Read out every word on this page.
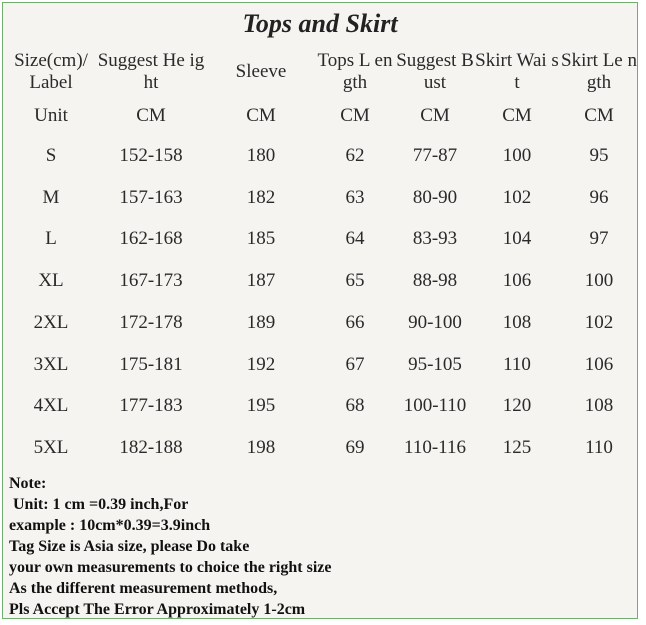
Tops and Skirt
Size(cm)/ Label	Suggest He ight	Sleeve	Tops L ength	Suggest Bust	Skirt Wai st	Skirt Le ngth
Unit	CM	CM	CM	CM	CM	CM
S	152-158	180	62	77-87	100	95
M	157-163	182	63	80-90	102	96
L	162-168	185	64	83-93	104	97
XL	167-173	187	65	88-98	106	100
2XL	172-178	189	66	90-100	108	102
3XL	175-181	192	67	95-105	110	106
4XL	177-183	195	68	100-110	120	108
5XL	182-188	198	69	110-116	125	110
Note:
Unit: 1 cm =0.39 inch,For
example : 10cm*0.39=3.9inch
Tag Size is Asia size, please Do take
your own measurements to choice the right size
As the different measurement methods,
Pls Accept The Error Approximately 1-2cm
